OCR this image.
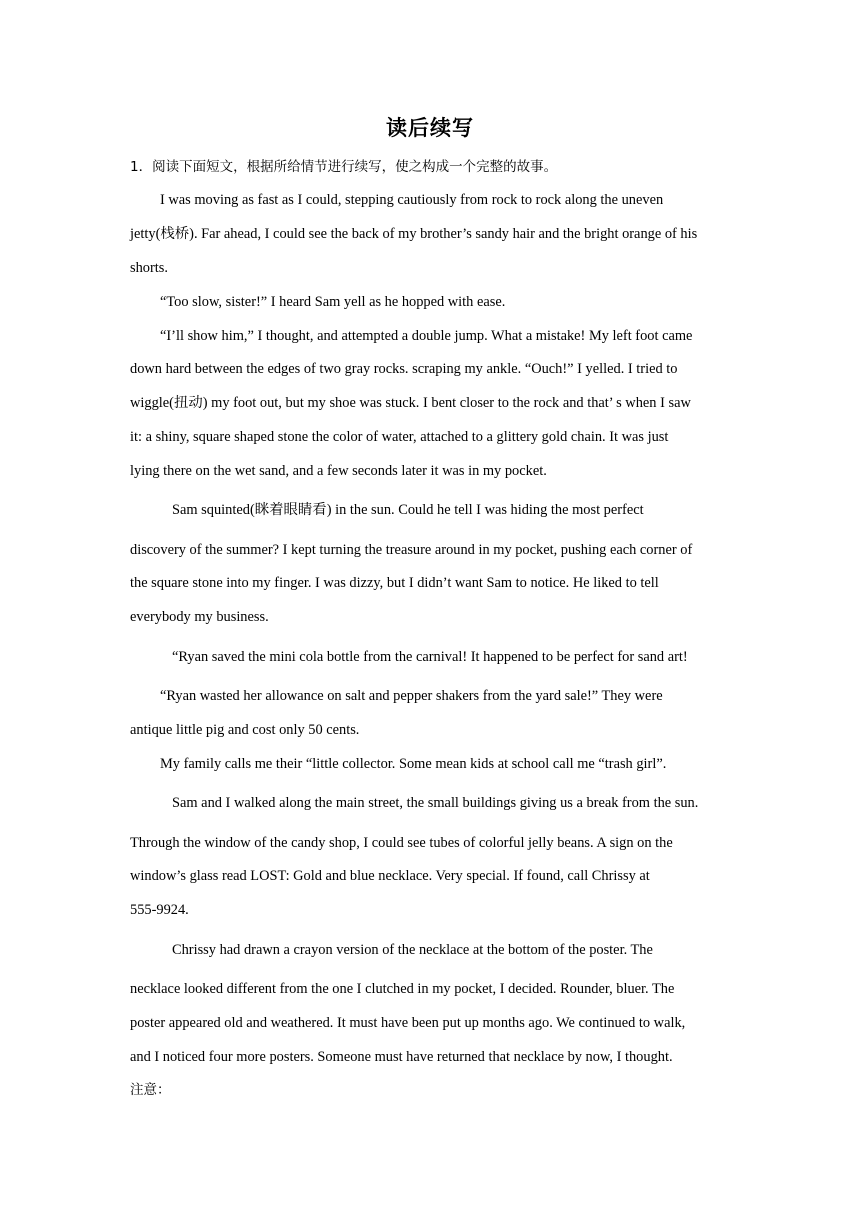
读后续写
1．阅读下面短文，根据所给情节进行续写，使之构成一个完整的故事。
I was moving as fast as I could, stepping cautiously from rock to rock along the uneven
jetty(栈桥). Far ahead, I could see the back of my brother’s sandy hair and the bright orange of his
shorts.
“Too slow, sister!” I heard Sam yell as he hopped with ease.
“I’ll show him,” I thought, and attempted a double jump. What a mistake! My left foot came
down hard between the edges of two gray rocks. scraping my ankle. “Ouch!” I yelled. I tried to
wiggle(扭动) my foot out, but my shoe was stuck. I bent closer to the rock and that’ s when I saw
it: a shiny, square shaped stone the color of water, attached to a glittery gold chain. It was just
lying there on the wet sand, and a few seconds later it was in my pocket.
Sam squinted(眯着眼睛看) in the sun. Could he tell I was hiding the most perfect
discovery of the summer? I kept turning the treasure around in my pocket, pushing each corner of
the square stone into my finger. I was dizzy, but I didn’t want Sam to notice. He liked to tell
everybody my business.
“Ryan saved the mini cola bottle from the carnival! It happened to be perfect for sand art!
“Ryan wasted her allowance on salt and pepper shakers from the yard sale!” They were
antique little pig and cost only 50 cents.
My family calls me their “little collector. Some mean kids at school call me “trash girl”.
Sam and I walked along the main street, the small buildings giving us a break from the sun.
Through the window of the candy shop, I could see tubes of colorful jelly beans. A sign on the
window’s glass read LOST: Gold and blue necklace. Very special. If found, call Chrissy at
555-9924.
Chrissy had drawn a crayon version of the necklace at the bottom of the poster. The
necklace looked different from the one I clutched in my pocket, I decided. Rounder, bluer. The
poster appeared old and weathered. It must have been put up months ago. We continued to walk,
and I noticed four more posters. Someone must have returned that necklace by now, I thought.
注意：
